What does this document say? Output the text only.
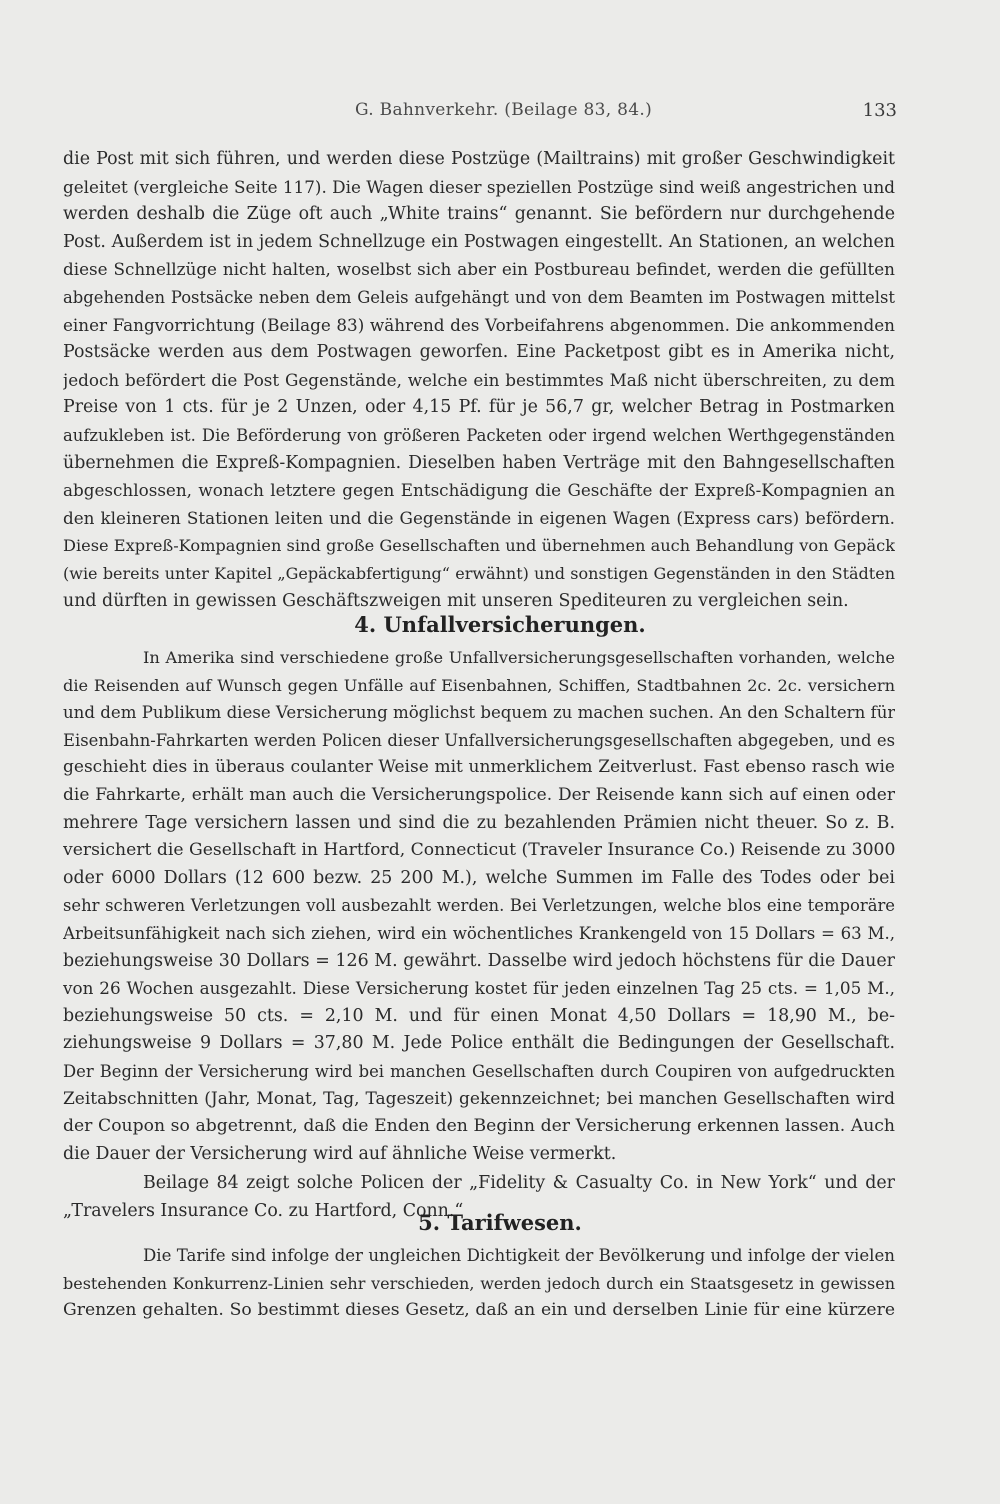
G. Bahnverkehr. (Beilage 83, 84.)	133
die Post mit sich führen, und werden diese Postzüge (Mailtrains) mit großer Geschwindigkeit
geleitet (vergleiche Seite 117). Die Wagen dieser speziellen Postzüge sind weiß angestrichen und
werden deshalb die Züge oft auch „White trains“ genannt. Sie befördern nur durchgehende
Post. Außerdem ist in jedem Schnellzuge ein Postwagen eingestellt. An Stationen, an welchen
diese Schnellzüge nicht halten, woselbst sich aber ein Postbureau befindet, werden die gefüllten
abgehenden Postsäcke neben dem Geleis aufgehängt und von dem Beamten im Postwagen mittelst
einer Fangvorrichtung (Beilage 83) während des Vorbeifahrens abgenommen. Die ankommenden
Postsäcke werden aus dem Postwagen geworfen. Eine Packetpost gibt es in Amerika nicht,
jedoch befördert die Post Gegenstände, welche ein bestimmtes Maß nicht überschreiten, zu dem
Preise von 1 cts. für je 2 Unzen, oder 4,15 Pf. für je 56,7 gr, welcher Betrag in Postmarken
aufzukleben ist. Die Beförderung von größeren Packeten oder irgend welchen Werthgegenständen
übernehmen die Expreß-Kompagnien. Dieselben haben Verträge mit den Bahngesellschaften
abgeschlossen, wonach letztere gegen Entschädigung die Geschäfte der Expreß-Kompagnien an
den kleineren Stationen leiten und die Gegenstände in eigenen Wagen (Express cars) befördern.
Diese Expreß-Kompagnien sind große Gesellschaften und übernehmen auch Behandlung von Gepäck
(wie bereits unter Kapitel „Gepäckabfertigung“ erwähnt) und sonstigen Gegenständen in den Städten
und dürften in gewissen Geschäftszweigen mit unseren Spediteuren zu vergleichen sein.
4. Unfallversicherungen.
In Amerika sind verschiedene große Unfallversicherungsgesellschaften vorhanden, welche
die Reisenden auf Wunsch gegen Unfälle auf Eisenbahnen, Schiffen, Stadtbahnen 2c. 2c. versichern
und dem Publikum diese Versicherung möglichst bequem zu machen suchen. An den Schaltern für
Eisenbahn-Fahrkarten werden Policen dieser Unfallversicherungsgesellschaften abgegeben, und es
geschieht dies in überaus coulanter Weise mit unmerklichem Zeitverlust. Fast ebenso rasch wie
die Fahrkarte, erhält man auch die Versicherungspolice. Der Reisende kann sich auf einen oder
mehrere Tage versichern lassen und sind die zu bezahlenden Prämien nicht theuer. So z. B.
versichert die Gesellschaft in Hartford, Connecticut (Traveler Insurance Co.) Reisende zu 3000
oder 6000 Dollars (12 600 bezw. 25 200 M.), welche Summen im Falle des Todes oder bei
sehr schweren Verletzungen voll ausbezahlt werden. Bei Verletzungen, welche blos eine temporäre
Arbeitsunfähigkeit nach sich ziehen, wird ein wöchentliches Krankengeld von 15 Dollars = 63 M.,
beziehungsweise 30 Dollars = 126 M. gewährt. Dasselbe wird jedoch höchstens für die Dauer
von 26 Wochen ausgezahlt. Diese Versicherung kostet für jeden einzelnen Tag 25 cts. = 1,05 M.,
beziehungsweise 50 cts. = 2,10 M. und für einen Monat 4,50 Dollars = 18,90 M., be-
ziehungsweise 9 Dollars = 37,80 M. Jede Police enthält die Bedingungen der Gesellschaft.
Der Beginn der Versicherung wird bei manchen Gesellschaften durch Coupiren von aufgedruckten
Zeitabschnitten (Jahr, Monat, Tag, Tageszeit) gekennzeichnet; bei manchen Gesellschaften wird
der Coupon so abgetrennt, daß die Enden den Beginn der Versicherung erkennen lassen. Auch
die Dauer der Versicherung wird auf ähnliche Weise vermerkt.
Beilage 84 zeigt solche Policen der „Fidelity & Casualty Co. in New York“ und der
„Travelers Insurance Co. zu Hartford, Conn.“
5. Tarifwesen.
Die Tarife sind infolge der ungleichen Dichtigkeit der Bevölkerung und infolge der vielen
bestehenden Konkurrenz-Linien sehr verschieden, werden jedoch durch ein Staatsgesetz in gewissen
Grenzen gehalten. So bestimmt dieses Gesetz, daß an ein und derselben Linie für eine kürzere
